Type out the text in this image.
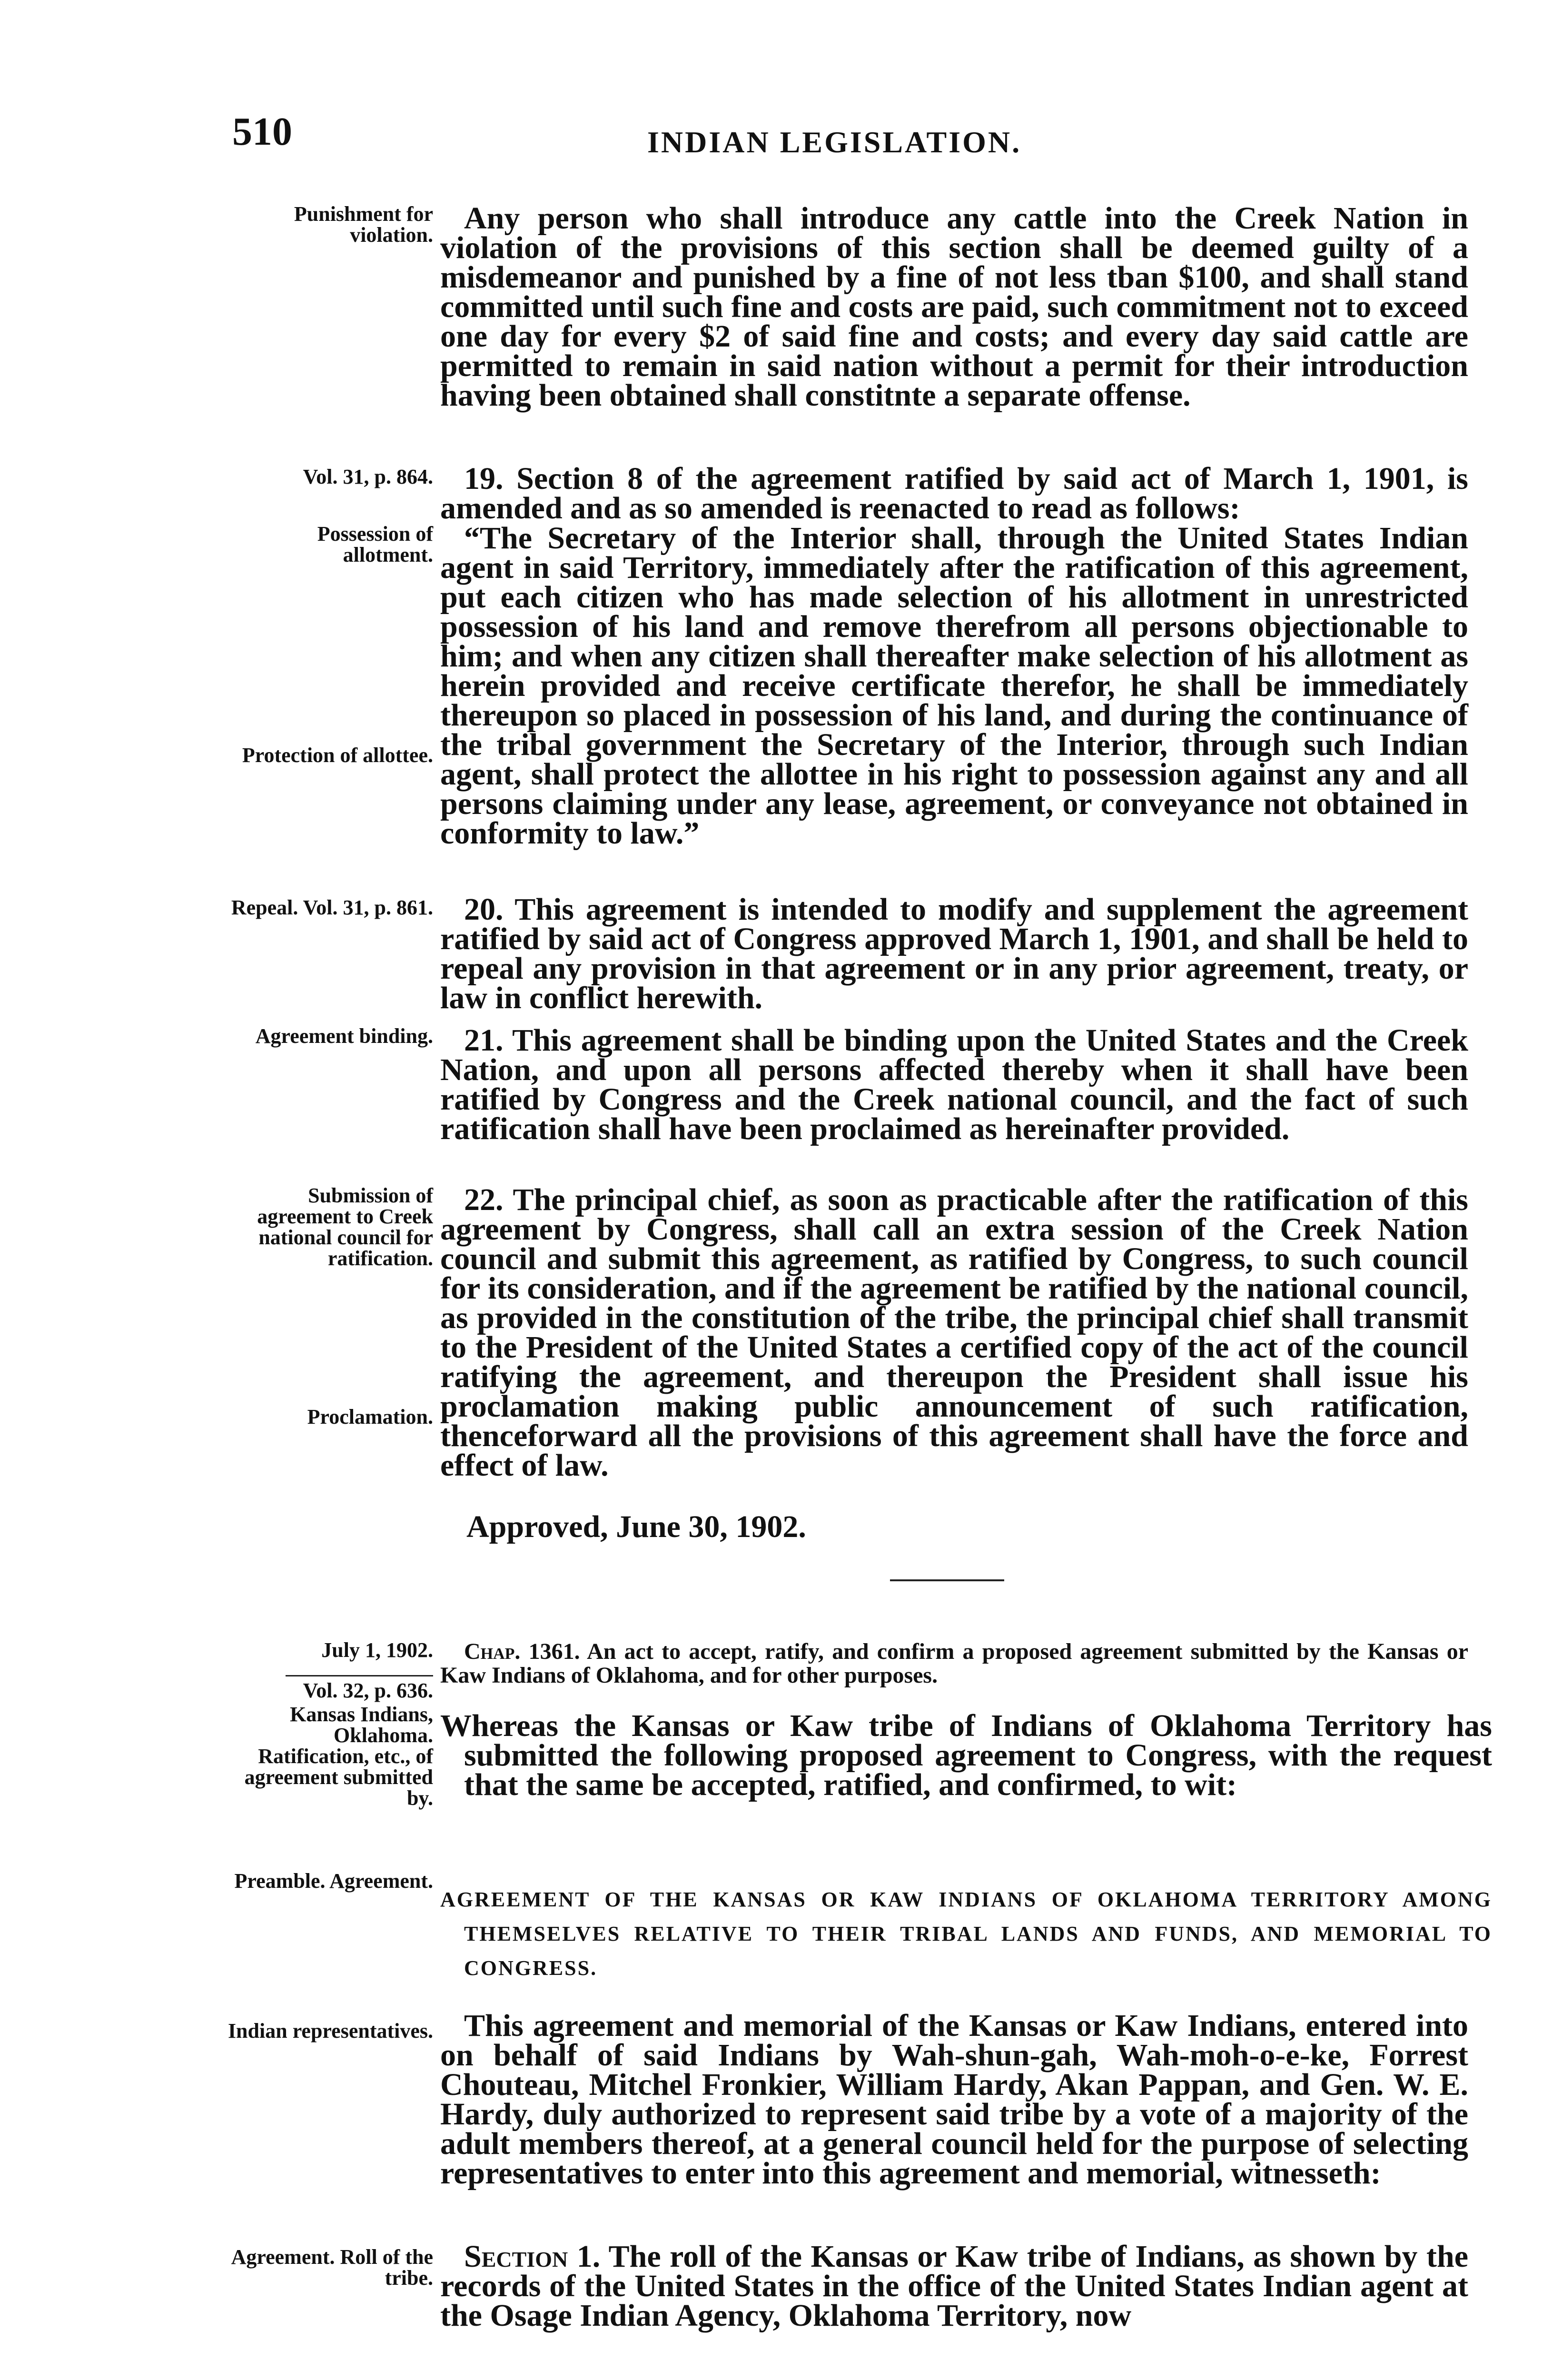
510	INDIAN LEGISLATION.
Punishment for violation.
Vol. 31, p. 864.
Possession of allotment.
Protection of allottee.
Repeal. Vol. 31, p. 861.
Agreement binding.
Submission of agreement to Creek national council for ratification.
Proclamation.
July 1, 1902.
Vol. 32, p. 636.
Kansas Indians, Oklahoma. Ratification, etc., of agreement submitted by.
Preamble. Agreement.
Indian representatives.
Agreement. Roll of the tribe.
Any person who shall introduce any cattle into the Creek Nation in violation of the provisions of this section shall be deemed guilty of a misdemeanor and punished by a fine of not less tban $100, and shall stand committed until such fine and costs are paid, such commitment not to exceed one day for every $2 of said fine and costs; and every day said cattle are permitted to remain in said nation without a permit for their introduction having been obtained shall constitnte a separate offense.
19. Section 8 of the agreement ratified by said act of March 1, 1901, is amended and as so amended is reenacted to read as follows:
“The Secretary of the Interior shall, through the United States Indian agent in said Territory, immediately after the ratification of this agreement, put each citizen who has made selection of his allotment in unrestricted possession of his land and remove therefrom all persons objectionable to him; and when any citizen shall thereafter make selection of his allotment as herein provided and receive certificate therefor, he shall be immediately thereupon so placed in possession of his land, and during the continuance of the tribal government the Secretary of the Interior, through such Indian agent, shall protect the allottee in his right to possession against any and all persons claiming under any lease, agreement, or conveyance not obtained in conformity to law.”
20. This agreement is intended to modify and supplement the agreement ratified by said act of Congress approved March 1, 1901, and shall be held to repeal any provision in that agreement or in any prior agreement, treaty, or law in conflict herewith.
21. This agreement shall be binding upon the United States and the Creek Nation, and upon all persons affected thereby when it shall have been ratified by Congress and the Creek national council, and the fact of such ratification shall have been proclaimed as hereinafter provided.
22. The principal chief, as soon as practicable after the ratification of this agreement by Congress, shall call an extra session of the Creek Nation council and submit this agreement, as ratified by Congress, to such council for its consideration, and if the agreement be ratified by the national council, as provided in the constitution of the tribe, the principal chief shall transmit to the President of the United States a certified copy of the act of the council ratifying the agreement, and thereupon the President shall issue his proclamation making public announcement of such ratification, thenceforward all the provisions of this agreement shall have the force and effect of law.
Approved, June 30, 1902.
Chap. 1361. An act to accept, ratify, and confirm a proposed agreement submitted by the Kansas or Kaw Indians of Oklahoma, and for other purposes.
Whereas the Kansas or Kaw tribe of Indians of Oklahoma Territory has submitted the following proposed agreement to Congress, with the request that the same be accepted, ratified, and confirmed, to wit:
AGREEMENT OF THE KANSAS OR KAW INDIANS OF OKLAHOMA TERRITORY AMONG THEMSELVES RELATIVE TO THEIR TRIBAL LANDS AND FUNDS, AND MEMORIAL TO CONGRESS.
This agreement and memorial of the Kansas or Kaw Indians, entered into on behalf of said Indians by Wah-shun-gah, Wah-moh-o-e-ke, Forrest Chouteau, Mitchel Fronkier, William Hardy, Akan Pappan, and Gen. W. E. Hardy, duly authorized to represent said tribe by a vote of a majority of the adult members thereof, at a general council held for the purpose of selecting representatives to enter into this agreement and memorial, witnesseth:
Section 1. The roll of the Kansas or Kaw tribe of Indians, as shown by the records of the United States in the office of the United States Indian agent at the Osage Indian Agency, Oklahoma Territory, now
